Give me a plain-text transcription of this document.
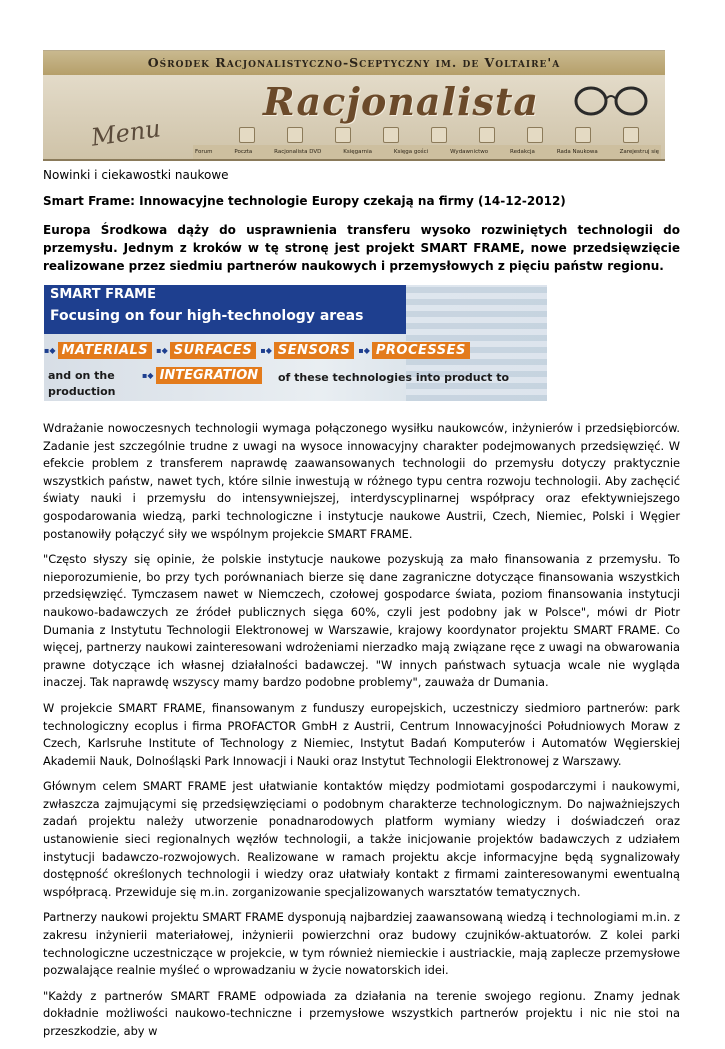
Ośrodek Racjonalistyczno-Sceptyczny im. de Voltaire'a
Racjonalista
Menu
Forum	Poczta	Racjonalista DVD	Księgarnia	Księga gości	Wydawnictwo	Redakcja	Rada Naukowa	Zarejestruj się
Nowinki i ciekawostki naukowe
Smart Frame: Innowacyjne technologie Europy czekają na firmy (14-12-2012)
Europa Środkowa dąży do usprawnienia transferu wysoko rozwiniętych technologii do przemysłu. Jednym z kroków w tę stronę jest projekt SMART FRAME, nowe przedsięwzięcie realizowane przez siedmiu partnerów naukowych i przemysłowych z pięciu państw regionu.
SMART FRAME
Focusing on four high-technology areas
▪◆ MATERIALS	▪◆ SURFACES	▪◆ SENSORS	▪◆ PROCESSES
and on the
production
▪◆ INTEGRATION	of these technologies into product to

Wdrażanie nowoczesnych technologii wymaga połączonego wysiłku naukowców, inżynierów i przedsiębiorców. Zadanie jest szczególnie trudne z uwagi na wysoce innowacyjny charakter podejmowanych przedsięwzięć. W efekcie problem z transferem naprawdę zaawansowanych technologii do przemysłu dotyczy praktycznie wszystkich państw, nawet tych, które silnie inwestują w różnego typu centra rozwoju technologii. Aby zachęcić światy nauki i przemysłu do intensywniejszej, interdyscyplinarnej współpracy oraz efektywniejszego gospodarowania wiedzą, parki technologiczne i instytucje naukowe Austrii, Czech, Niemiec, Polski i Węgier postanowiły połączyć siły we wspólnym projekcie SMART FRAME.

"Często słyszy się opinie, że polskie instytucje naukowe pozyskują za mało finansowania z przemysłu. To nieporozumienie, bo przy tych porównaniach bierze się dane zagraniczne dotyczące finansowania wszystkich przedsięwzięć. Tymczasem nawet w Niemczech, czołowej gospodarce świata, poziom finansowania instytucji naukowo-badawczych ze źródeł publicznych sięga 60%, czyli jest podobny jak w Polsce", mówi dr Piotr Dumania z Instytutu Technologii Elektronowej w Warszawie, krajowy koordynator projektu SMART FRAME. Co więcej, partnerzy naukowi zainteresowani wdrożeniami nierzadko mają związane ręce z uwagi na obwarowania prawne dotyczące ich własnej działalności badawczej. "W innych państwach sytuacja wcale nie wygląda inaczej. Tak naprawdę wszyscy mamy bardzo podobne problemy", zauważa dr Dumania.

W projekcie SMART FRAME, finansowanym z funduszy europejskich, uczestniczy siedmioro partnerów: park technologiczny ecoplus i firma PROFACTOR GmbH z Austrii, Centrum Innowacyjności Południowych Moraw z Czech, Karlsruhe Institute of Technology z Niemiec, Instytut Badań Komputerów i Automatów Węgierskiej Akademii Nauk, Dolnośląski Park Innowacji i Nauki oraz Instytut Technologii Elektronowej z Warszawy.

Głównym celem SMART FRAME jest ułatwianie kontaktów między podmiotami gospodarczymi i naukowymi, zwłaszcza zajmującymi się przedsięwzięciami o podobnym charakterze technologicznym. Do najważniejszych zadań projektu należy utworzenie ponadnarodowych platform wymiany wiedzy i doświadczeń oraz ustanowienie sieci regionalnych węzłów technologii, a także inicjowanie projektów badawczych z udziałem instytucji badawczo-rozwojowych. Realizowane w ramach projektu akcje informacyjne będą sygnalizowały dostępność określonych technologii i wiedzy oraz ułatwiały kontakt z firmami zainteresowanymi ewentualną współpracą. Przewiduje się m.in. zorganizowanie specjalizowanych warsztatów tematycznych.

Partnerzy naukowi projektu SMART FRAME dysponują najbardziej zaawansowaną wiedzą i technologiami m.in. z zakresu inżynierii materiałowej, inżynierii powierzchni oraz budowy czujników-aktuatorów. Z kolei parki technologiczne uczestniczące w projekcie, w tym również niemieckie i austriackie, mają zaplecze przemysłowe pozwalające realnie myśleć o wprowadzaniu w życie nowatorskich idei.

"Każdy z partnerów SMART FRAME odpowiada za działania na terenie swojego regionu. Znamy jednak dokładnie możliwości naukowo-techniczne i przemysłowe wszystkich partnerów projektu i nic nie stoi na przeszkodzie, aby w
